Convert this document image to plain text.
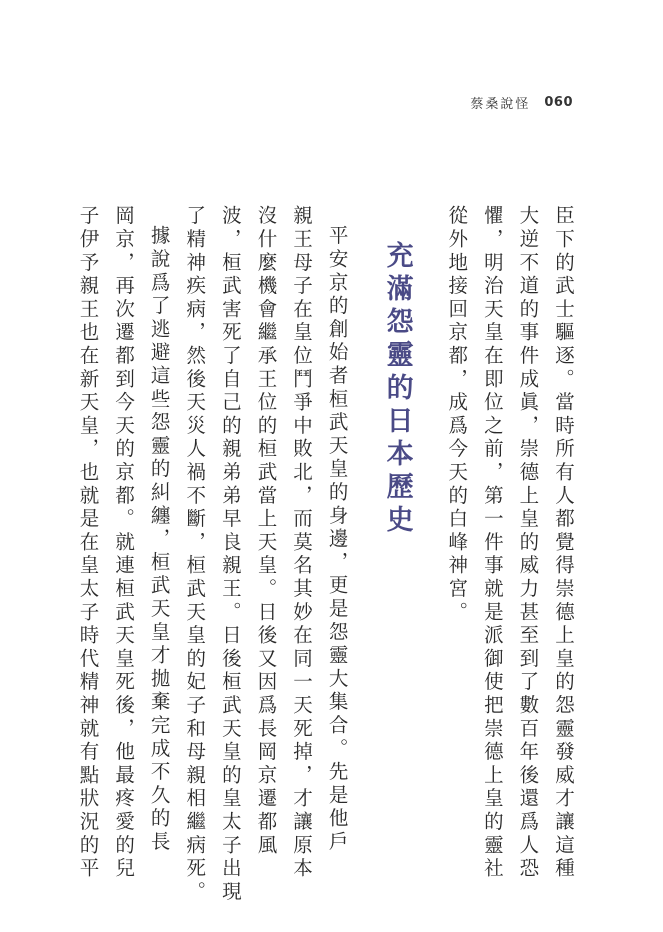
蔡桑說怪 060

臣下的武士驅逐。當時所有人都覺得崇德上皇的怨靈發威才讓這種

大逆不道的事件成眞，崇德上皇的威力甚至到了數百年後還爲人恐

懼，明治天皇在即位之前，第一件事就是派御使把崇德上皇的靈社

從外地接回京都，成爲今天的白峰神宮。

充滿怨靈的日本歷史

平安京的創始者桓武天皇的身邊，更是怨靈大集合。先是他戶

親王母子在皇位鬥爭中敗北，而莫名其妙在同一天死掉，才讓原本

沒什麼機會繼承王位的桓武當上天皇。日後又因爲長岡京遷都風

波，桓武害死了自己的親弟弟早良親王。日後桓武天皇的皇太子出現

了精神疾病，然後天災人禍不斷，桓武天皇的妃子和母親相繼病死。

據說爲了逃避這些怨靈的糾纏，桓武天皇才拋棄完成不久的長

岡京，再次遷都到今天的京都。就連桓武天皇死後，他最疼愛的兒

子伊予親王也在新天皇，也就是在皇太子時代精神就有點狀況的平
